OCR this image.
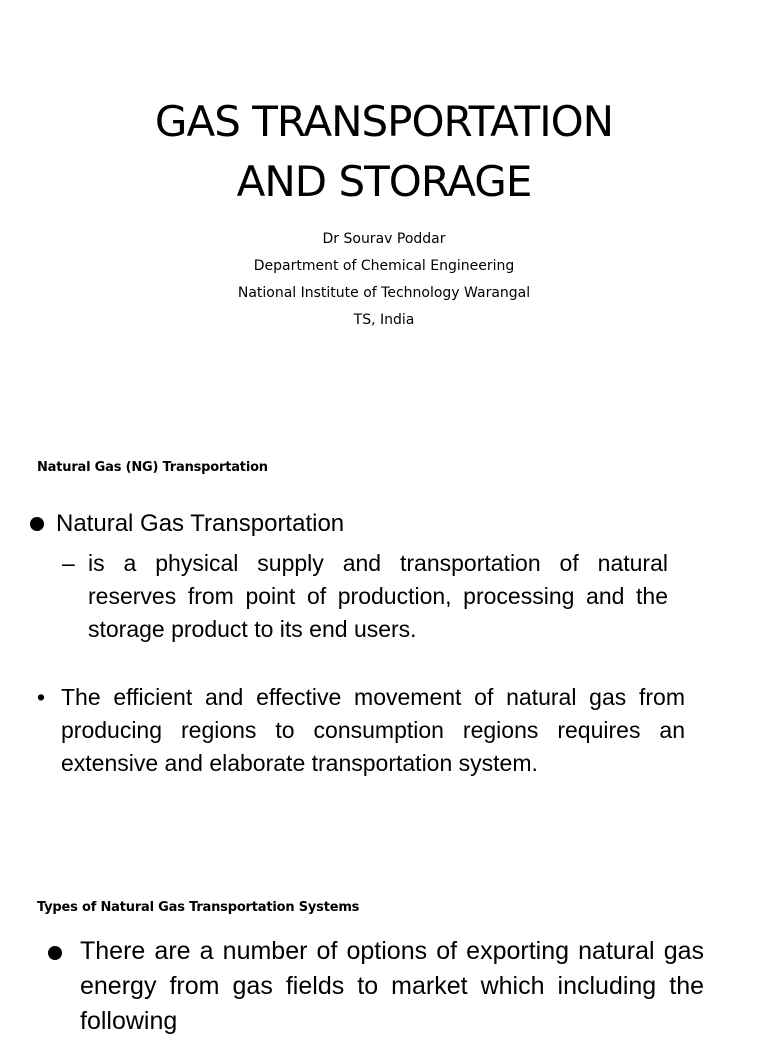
GAS TRANSPORTATION
AND STORAGE
Dr Sourav Poddar
Department of Chemical Engineering
National Institute of Technology Warangal
TS, India
Natural Gas (NG) Transportation
Natural Gas Transportation
– is a physical supply and transportation of natural reserves from point of production, processing and the storage product to its end users.
• The efficient and effective movement of natural gas from producing regions to consumption regions requires an extensive and elaborate transportation system.
Types of Natural Gas Transportation Systems
There are a number of options of exporting natural gas energy from gas fields to market which including the following
